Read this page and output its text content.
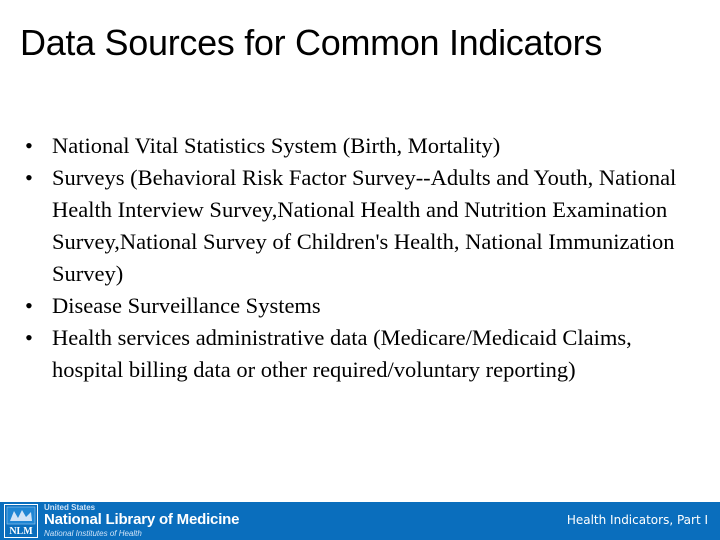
Data Sources for Common Indicators
• National Vital Statistics System (Birth, Mortality)
• Surveys (Behavioral Risk Factor Survey--Adults and Youth, National Health Interview Survey,National Health and Nutrition Examination Survey,National Survey of Children's Health, National Immunization Survey)
• Disease Surveillance Systems
• Health services administrative data (Medicare/Medicaid Claims, hospital billing data or other required/voluntary reporting)
NLM
United States
National Library of Medicine
National Institutes of Health
Health Indicators, Part I
